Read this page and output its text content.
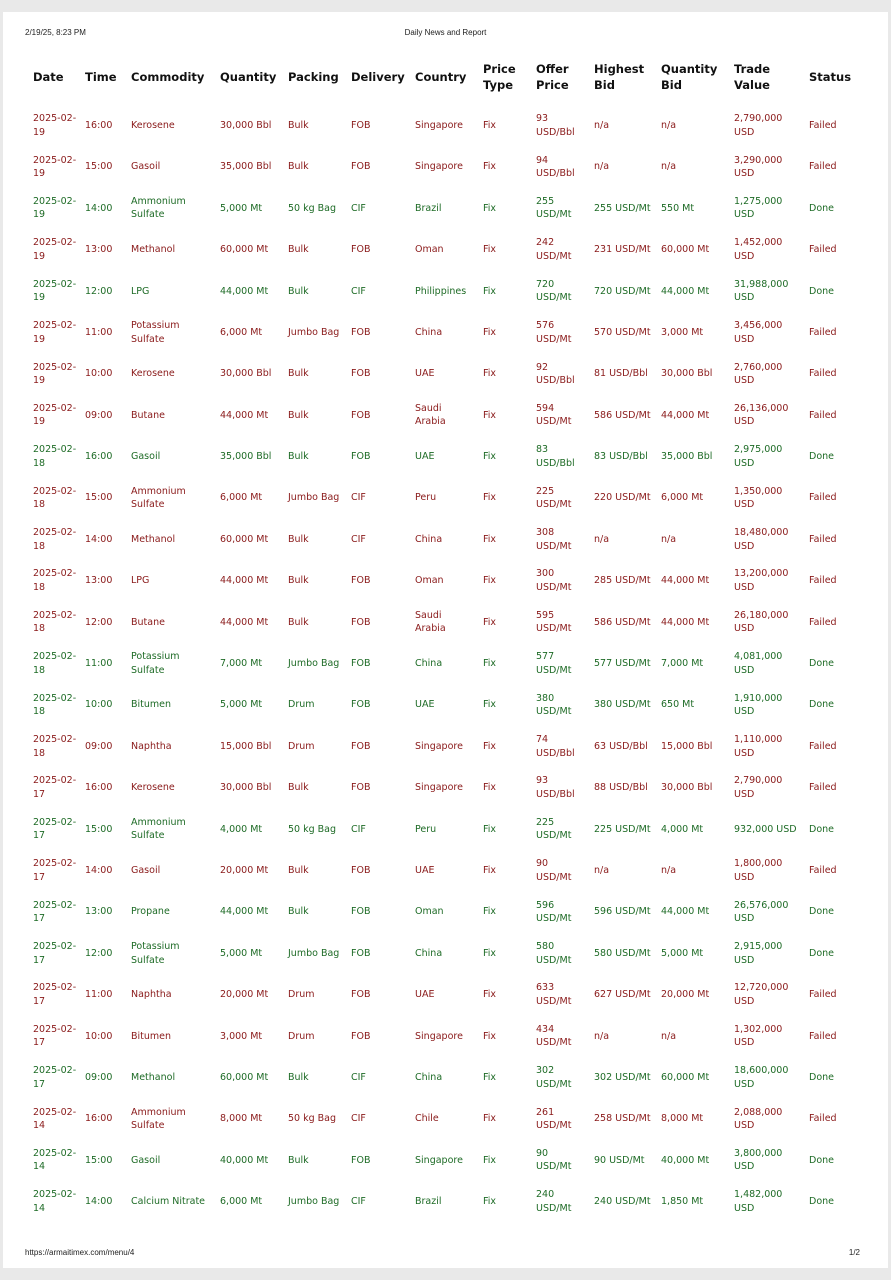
2/19/25, 8:23 PM	Daily News and Report
Date	Time	Commodity	Quantity	Packing	Delivery	Country	Price Type	Offer Price	Highest Bid	Quantity Bid	Trade Value	Status
2025-02-19	16:00	Kerosene	30,000 Bbl	Bulk	FOB	Singapore	Fix	93 USD/Bbl	n/a	n/a	2,790,000 USD	Failed
2025-02-19	15:00	Gasoil	35,000 Bbl	Bulk	FOB	Singapore	Fix	94 USD/Bbl	n/a	n/a	3,290,000 USD	Failed
2025-02-19	14:00	Ammonium Sulfate	5,000 Mt	50 kg Bag	CIF	Brazil	Fix	255 USD/Mt	255 USD/Mt	550 Mt	1,275,000 USD	Done
2025-02-19	13:00	Methanol	60,000 Mt	Bulk	FOB	Oman	Fix	242 USD/Mt	231 USD/Mt	60,000 Mt	1,452,000 USD	Failed
2025-02-19	12:00	LPG	44,000 Mt	Bulk	CIF	Philippines	Fix	720 USD/Mt	720 USD/Mt	44,000 Mt	31,988,000 USD	Done
2025-02-19	11:00	Potassium Sulfate	6,000 Mt	Jumbo Bag	FOB	China	Fix	576 USD/Mt	570 USD/Mt	3,000 Mt	3,456,000 USD	Failed
2025-02-19	10:00	Kerosene	30,000 Bbl	Bulk	FOB	UAE	Fix	92 USD/Bbl	81 USD/Bbl	30,000 Bbl	2,760,000 USD	Failed
2025-02-19	09:00	Butane	44,000 Mt	Bulk	FOB	Saudi Arabia	Fix	594 USD/Mt	586 USD/Mt	44,000 Mt	26,136,000 USD	Failed
2025-02-18	16:00	Gasoil	35,000 Bbl	Bulk	FOB	UAE	Fix	83 USD/Bbl	83 USD/Bbl	35,000 Bbl	2,975,000 USD	Done
2025-02-18	15:00	Ammonium Sulfate	6,000 Mt	Jumbo Bag	CIF	Peru	Fix	225 USD/Mt	220 USD/Mt	6,000 Mt	1,350,000 USD	Failed
2025-02-18	14:00	Methanol	60,000 Mt	Bulk	CIF	China	Fix	308 USD/Mt	n/a	n/a	18,480,000 USD	Failed
2025-02-18	13:00	LPG	44,000 Mt	Bulk	FOB	Oman	Fix	300 USD/Mt	285 USD/Mt	44,000 Mt	13,200,000 USD	Failed
2025-02-18	12:00	Butane	44,000 Mt	Bulk	FOB	Saudi Arabia	Fix	595 USD/Mt	586 USD/Mt	44,000 Mt	26,180,000 USD	Failed
2025-02-18	11:00	Potassium Sulfate	7,000 Mt	Jumbo Bag	FOB	China	Fix	577 USD/Mt	577 USD/Mt	7,000 Mt	4,081,000 USD	Done
2025-02-18	10:00	Bitumen	5,000 Mt	Drum	FOB	UAE	Fix	380 USD/Mt	380 USD/Mt	650 Mt	1,910,000 USD	Done
2025-02-18	09:00	Naphtha	15,000 Bbl	Drum	FOB	Singapore	Fix	74 USD/Bbl	63 USD/Bbl	15,000 Bbl	1,110,000 USD	Failed
2025-02-17	16:00	Kerosene	30,000 Bbl	Bulk	FOB	Singapore	Fix	93 USD/Bbl	88 USD/Bbl	30,000 Bbl	2,790,000 USD	Failed
2025-02-17	15:00	Ammonium Sulfate	4,000 Mt	50 kg Bag	CIF	Peru	Fix	225 USD/Mt	225 USD/Mt	4,000 Mt	932,000 USD	Done
2025-02-17	14:00	Gasoil	20,000 Mt	Bulk	FOB	UAE	Fix	90 USD/Mt	n/a	n/a	1,800,000 USD	Failed
2025-02-17	13:00	Propane	44,000 Mt	Bulk	FOB	Oman	Fix	596 USD/Mt	596 USD/Mt	44,000 Mt	26,576,000 USD	Done
2025-02-17	12:00	Potassium Sulfate	5,000 Mt	Jumbo Bag	FOB	China	Fix	580 USD/Mt	580 USD/Mt	5,000 Mt	2,915,000 USD	Done
2025-02-17	11:00	Naphtha	20,000 Mt	Drum	FOB	UAE	Fix	633 USD/Mt	627 USD/Mt	20,000 Mt	12,720,000 USD	Failed
2025-02-17	10:00	Bitumen	3,000 Mt	Drum	FOB	Singapore	Fix	434 USD/Mt	n/a	n/a	1,302,000 USD	Failed
2025-02-17	09:00	Methanol	60,000 Mt	Bulk	CIF	China	Fix	302 USD/Mt	302 USD/Mt	60,000 Mt	18,600,000 USD	Done
2025-02-14	16:00	Ammonium Sulfate	8,000 Mt	50 kg Bag	CIF	Chile	Fix	261 USD/Mt	258 USD/Mt	8,000 Mt	2,088,000 USD	Failed
2025-02-14	15:00	Gasoil	40,000 Mt	Bulk	FOB	Singapore	Fix	90 USD/Mt	90 USD/Mt	40,000 Mt	3,800,000 USD	Done
2025-02-14	14:00	Calcium Nitrate	6,000 Mt	Jumbo Bag	CIF	Brazil	Fix	240 USD/Mt	240 USD/Mt	1,850 Mt	1,482,000 USD	Done
https://armaitimex.com/menu/4	1/2
